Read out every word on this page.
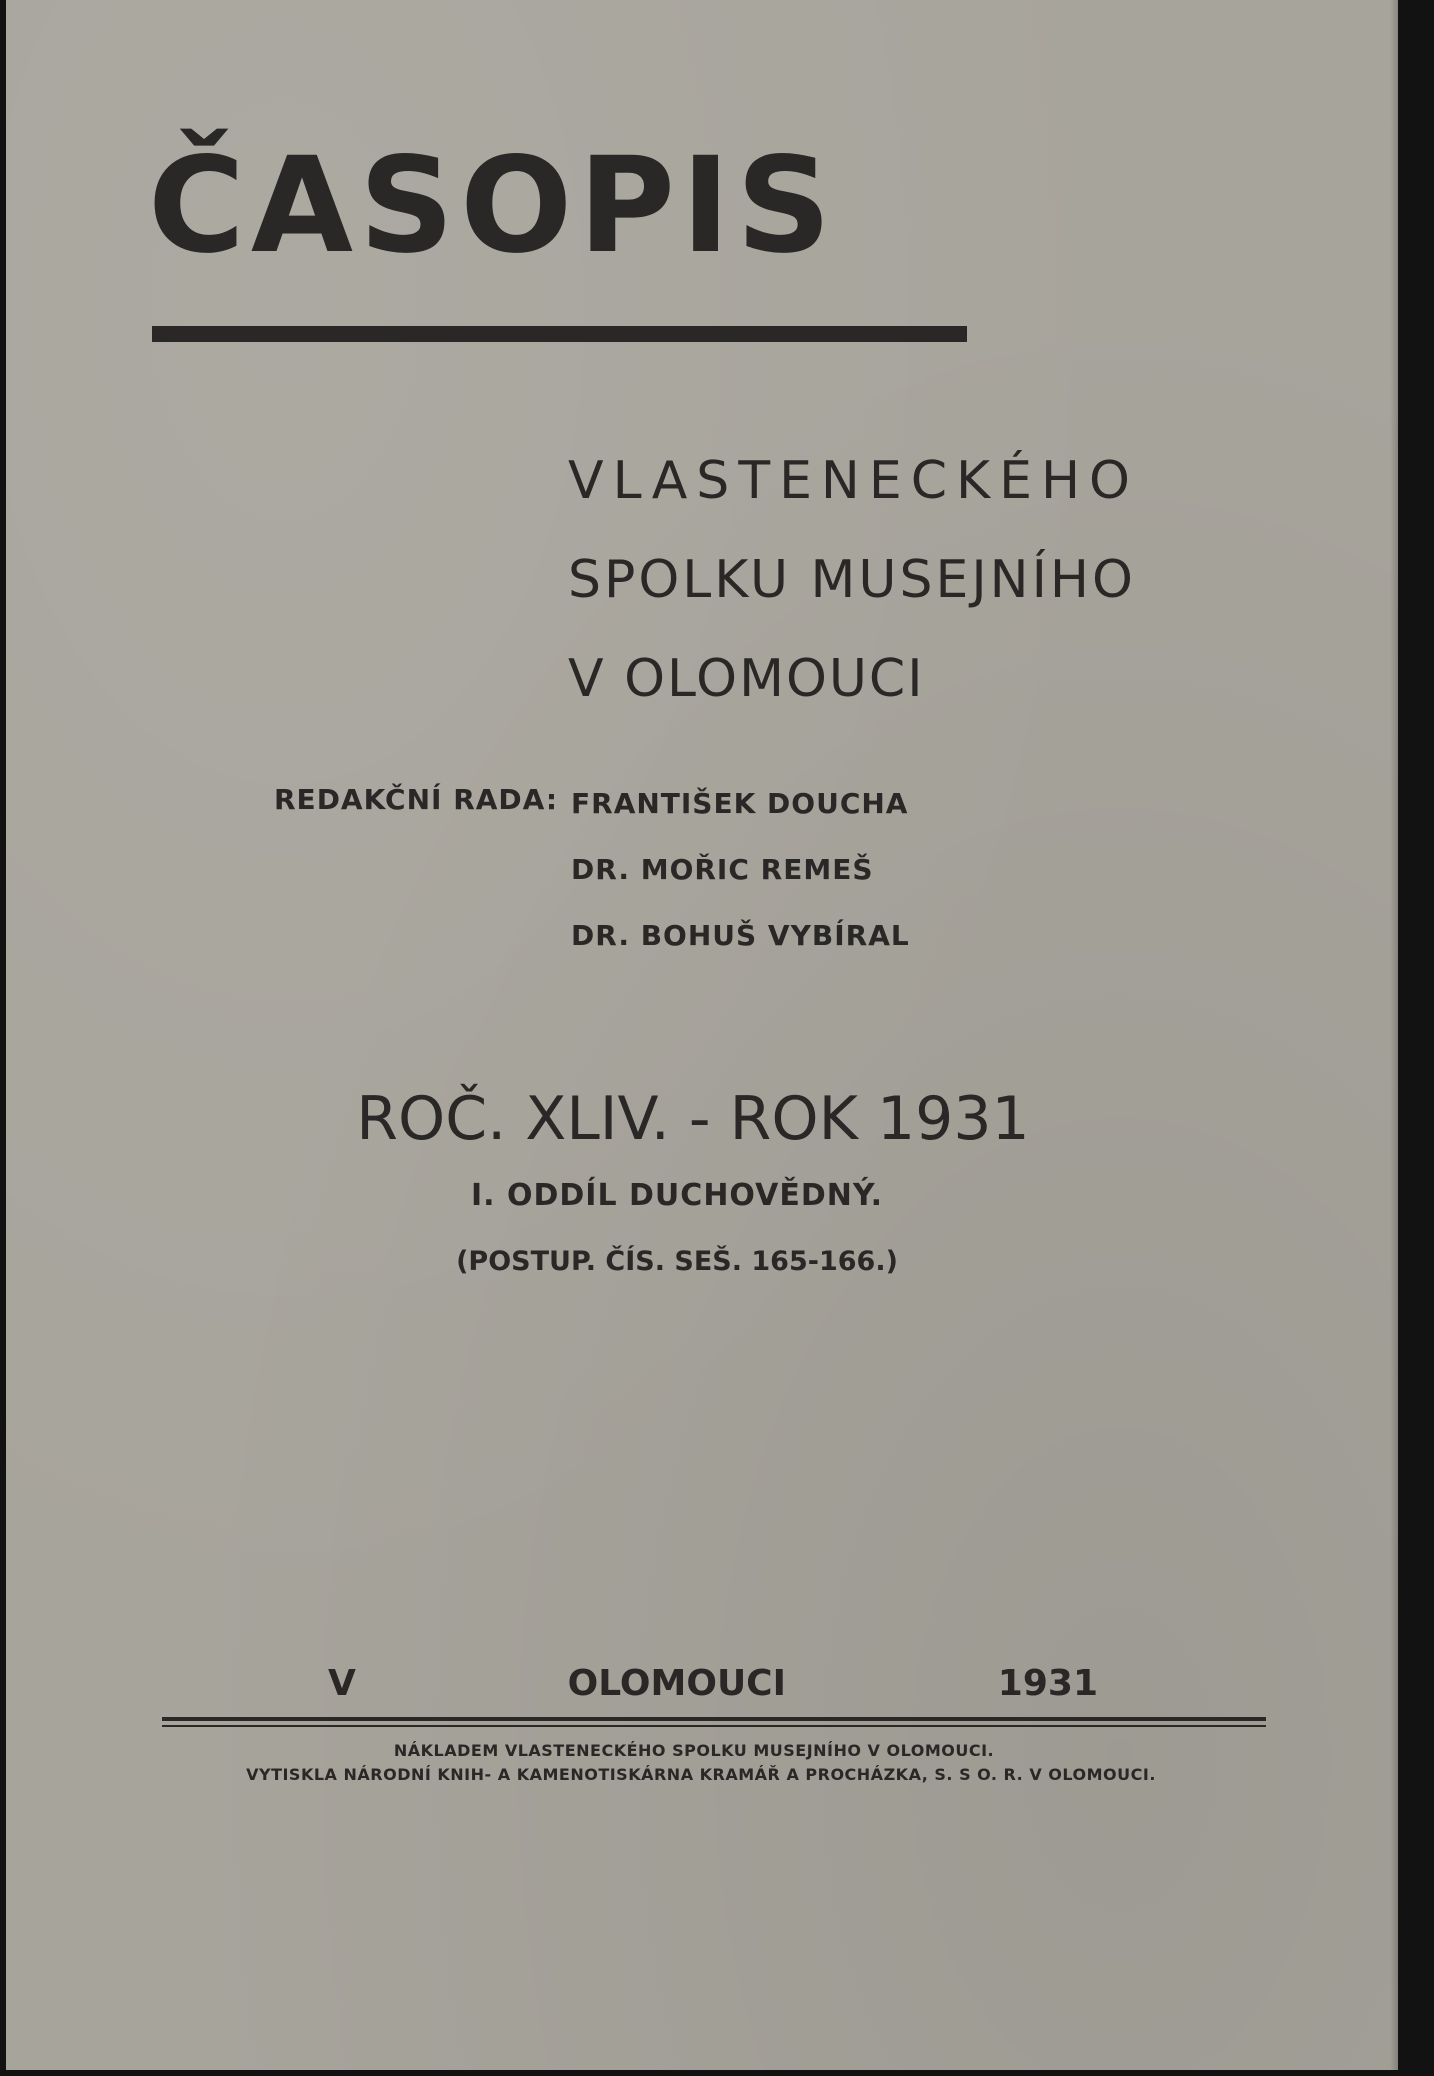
ČASOPIS
VLASTENECKÉHO
SPOLKU MUSEJNÍHO
V OLOMOUCI
REDAKČNÍ RADA: FRANTIŠEK DOUCHA
DR. MOŘIC REMEŠ
DR. BOHUŠ VYBÍRAL
ROČ. XLIV. - ROK 1931
I. ODDÍL DUCHOVĚDNÝ.
(POSTUP. ČÍS. SEŠ. 165-166.)
V OLOMOUCI 1931
NÁKLADEM VLASTENECKÉHO SPOLKU MUSEJNÍHO V OLOMOUCI.
VYTISKLA NÁRODNÍ KNIH- A KAMENOTISKÁRNA KRAMÁŘ A PROCHÁZKA, S. S O. R. V OLOMOUCI.
